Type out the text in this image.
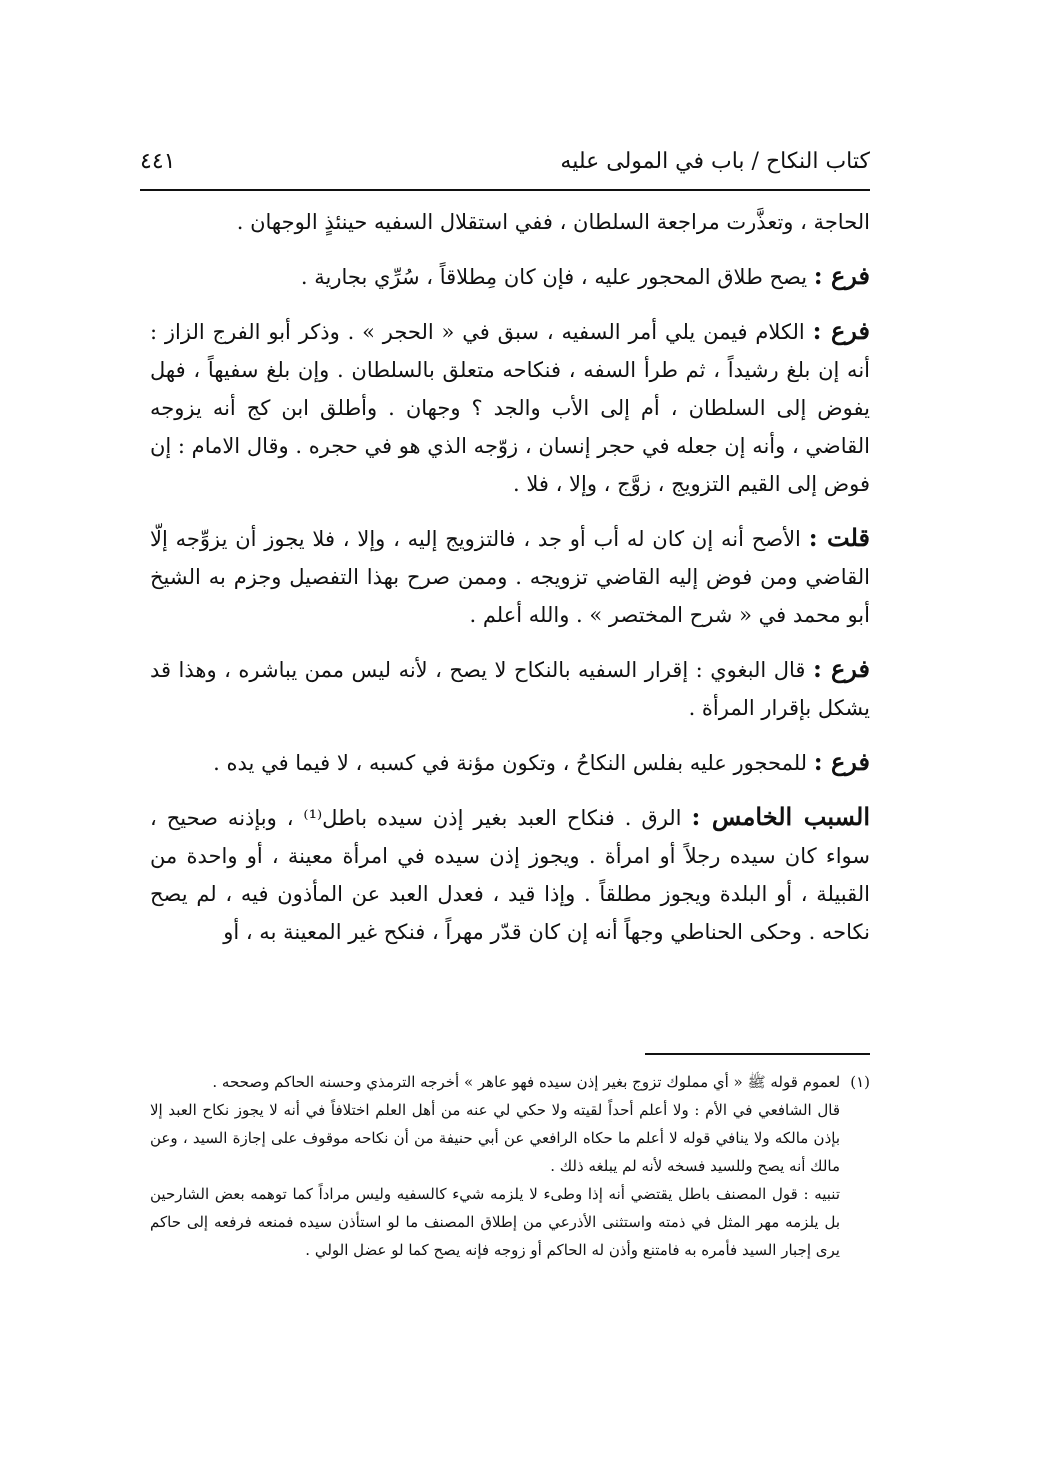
كتاب النكاح / باب في المولى عليه
٤٤١

الحاجة ، وتعذَّرت مراجعة السلطان ، ففي استقلال السفيه حينئذٍ الوجهان .

فرع : يصح طلاق المحجور عليه ، فإن كان مِطلاقاً ، سُرِّي بجارية .

فرع : الكلام فيمن يلي أمر السفيه ، سبق في « الحجر » . وذكر أبو الفرج الزاز : أنه إن بلغ رشيداً ، ثم طرأ السفه ، فنكاحه متعلق بالسلطان . وإن بلغ سفيهاً ، فهل يفوض إلى السلطان ، أم إلى الأب والجد ؟ وجهان . وأطلق ابن كج أنه يزوجه القاضي ، وأنه إن جعله في حجر إنسان ، زوّجه الذي هو في حجره . وقال الامام : إن فوض إلى القيم التزويج ، زوَّج ، وإلا ، فلا .

قلت : الأصح أنه إن كان له أب أو جد ، فالتزويج إليه ، وإلا ، فلا يجوز أن يزوِّجه إلّا القاضي ومن فوض إليه القاضي تزويجه . وممن صرح بهذا التفصيل وجزم به الشيخ أبو محمد في « شرح المختصر » . والله أعلم .

فرع : قال البغوي : إقرار السفيه بالنكاح لا يصح ، لأنه ليس ممن يباشره ، وهذا قد يشكل بإقرار المرأة .

فرع : للمحجور عليه بفلس النكاحُ ، وتكون مؤنة في كسبه ، لا فيما في يده .

السبب الخامس : الرق . فنكاح العبد بغير إذن سيده باطل⁽¹⁾ ، وبإذنه صحيح ، سواء كان سيده رجلاً أو امرأة . ويجوز إذن سيده في امرأة معينة ، أو واحدة من القبيلة ، أو البلدة ويجوز مطلقاً . وإذا قيد ، فعدل العبد عن المأذون فيه ، لم يصح نكاحه . وحكى الحناطي وجهاً أنه إن كان قدّر مهراً ، فنكح غير المعينة به ، أو

(١)لعموم قوله ﷺ « أي مملوك تزوج بغير إذن سيده فهو عاهر » أخرجه الترمذي وحسنه الحاكم وصححه .

قال الشافعي في الأم : ولا أعلم أحداً لقيته ولا حكي لي عنه من أهل العلم اختلافاً في أنه لا يجوز نكاح العبد إلا بإذن مالكه ولا ينافي قوله لا أعلم ما حكاه الرافعي عن أبي حنيفة من أن نكاحه موقوف على إجازة السيد ، وعن مالك أنه يصح وللسيد فسخه لأنه لم يبلغه ذلك .

تنبيه : قول المصنف باطل يقتضي أنه إذا وطىء لا يلزمه شيء كالسفيه وليس مراداً كما توهمه بعض الشارحين بل يلزمه مهر المثل في ذمته واستثنى الأذرعي من إطلاق المصنف ما لو استأذن سيده فمنعه فرفعه إلى حاكم يرى إجبار السيد فأمره به فامتنع وأذن له الحاكم أو زوجه فإنه يصح كما لو عضل الولي .
